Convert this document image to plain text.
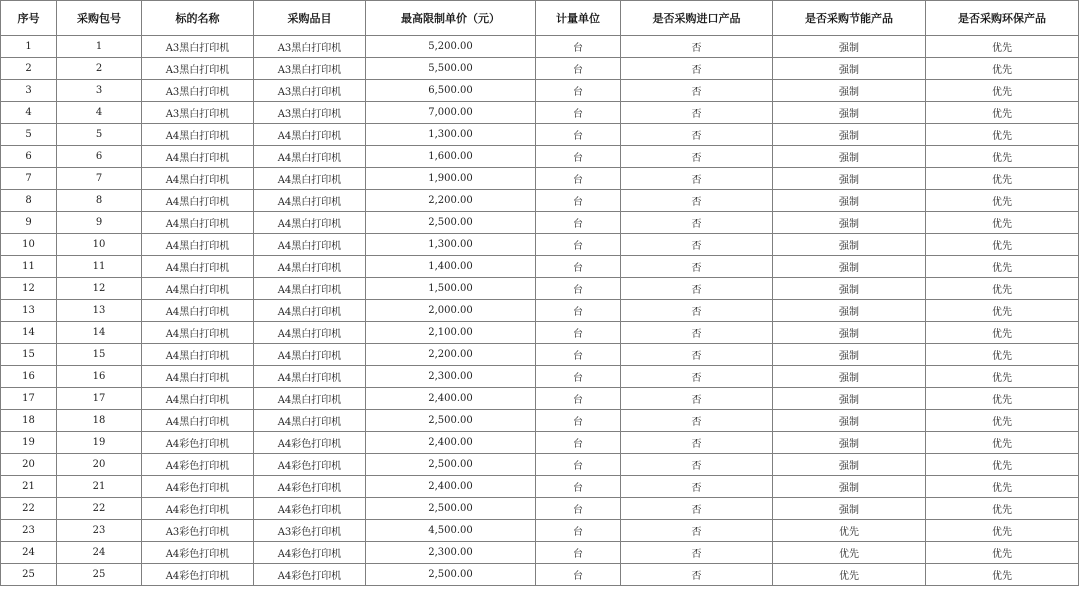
序号	采购包号	标的名称	采购品目	最高限制单价（元）	计量单位	是否采购进口产品	是否采购节能产品	是否采购环保产品
1	1	A3黑白打印机	A3黑白打印机	5,200.00	台	否	强制	优先
2	2	A3黑白打印机	A3黑白打印机	5,500.00	台	否	强制	优先
3	3	A3黑白打印机	A3黑白打印机	6,500.00	台	否	强制	优先
4	4	A3黑白打印机	A3黑白打印机	7,000.00	台	否	强制	优先
5	5	A4黑白打印机	A4黑白打印机	1,300.00	台	否	强制	优先
6	6	A4黑白打印机	A4黑白打印机	1,600.00	台	否	强制	优先
7	7	A4黑白打印机	A4黑白打印机	1,900.00	台	否	强制	优先
8	8	A4黑白打印机	A4黑白打印机	2,200.00	台	否	强制	优先
9	9	A4黑白打印机	A4黑白打印机	2,500.00	台	否	强制	优先
10	10	A4黑白打印机	A4黑白打印机	1,300.00	台	否	强制	优先
11	11	A4黑白打印机	A4黑白打印机	1,400.00	台	否	强制	优先
12	12	A4黑白打印机	A4黑白打印机	1,500.00	台	否	强制	优先
13	13	A4黑白打印机	A4黑白打印机	2,000.00	台	否	强制	优先
14	14	A4黑白打印机	A4黑白打印机	2,100.00	台	否	强制	优先
15	15	A4黑白打印机	A4黑白打印机	2,200.00	台	否	强制	优先
16	16	A4黑白打印机	A4黑白打印机	2,300.00	台	否	强制	优先
17	17	A4黑白打印机	A4黑白打印机	2,400.00	台	否	强制	优先
18	18	A4黑白打印机	A4黑白打印机	2,500.00	台	否	强制	优先
19	19	A4彩色打印机	A4彩色打印机	2,400.00	台	否	强制	优先
20	20	A4彩色打印机	A4彩色打印机	2,500.00	台	否	强制	优先
21	21	A4彩色打印机	A4彩色打印机	2,400.00	台	否	强制	优先
22	22	A4彩色打印机	A4彩色打印机	2,500.00	台	否	强制	优先
23	23	A3彩色打印机	A3彩色打印机	4,500.00	台	否	优先	优先
24	24	A4彩色打印机	A4彩色打印机	2,300.00	台	否	优先	优先
25	25	A4彩色打印机	A4彩色打印机	2,500.00	台	否	优先	优先
